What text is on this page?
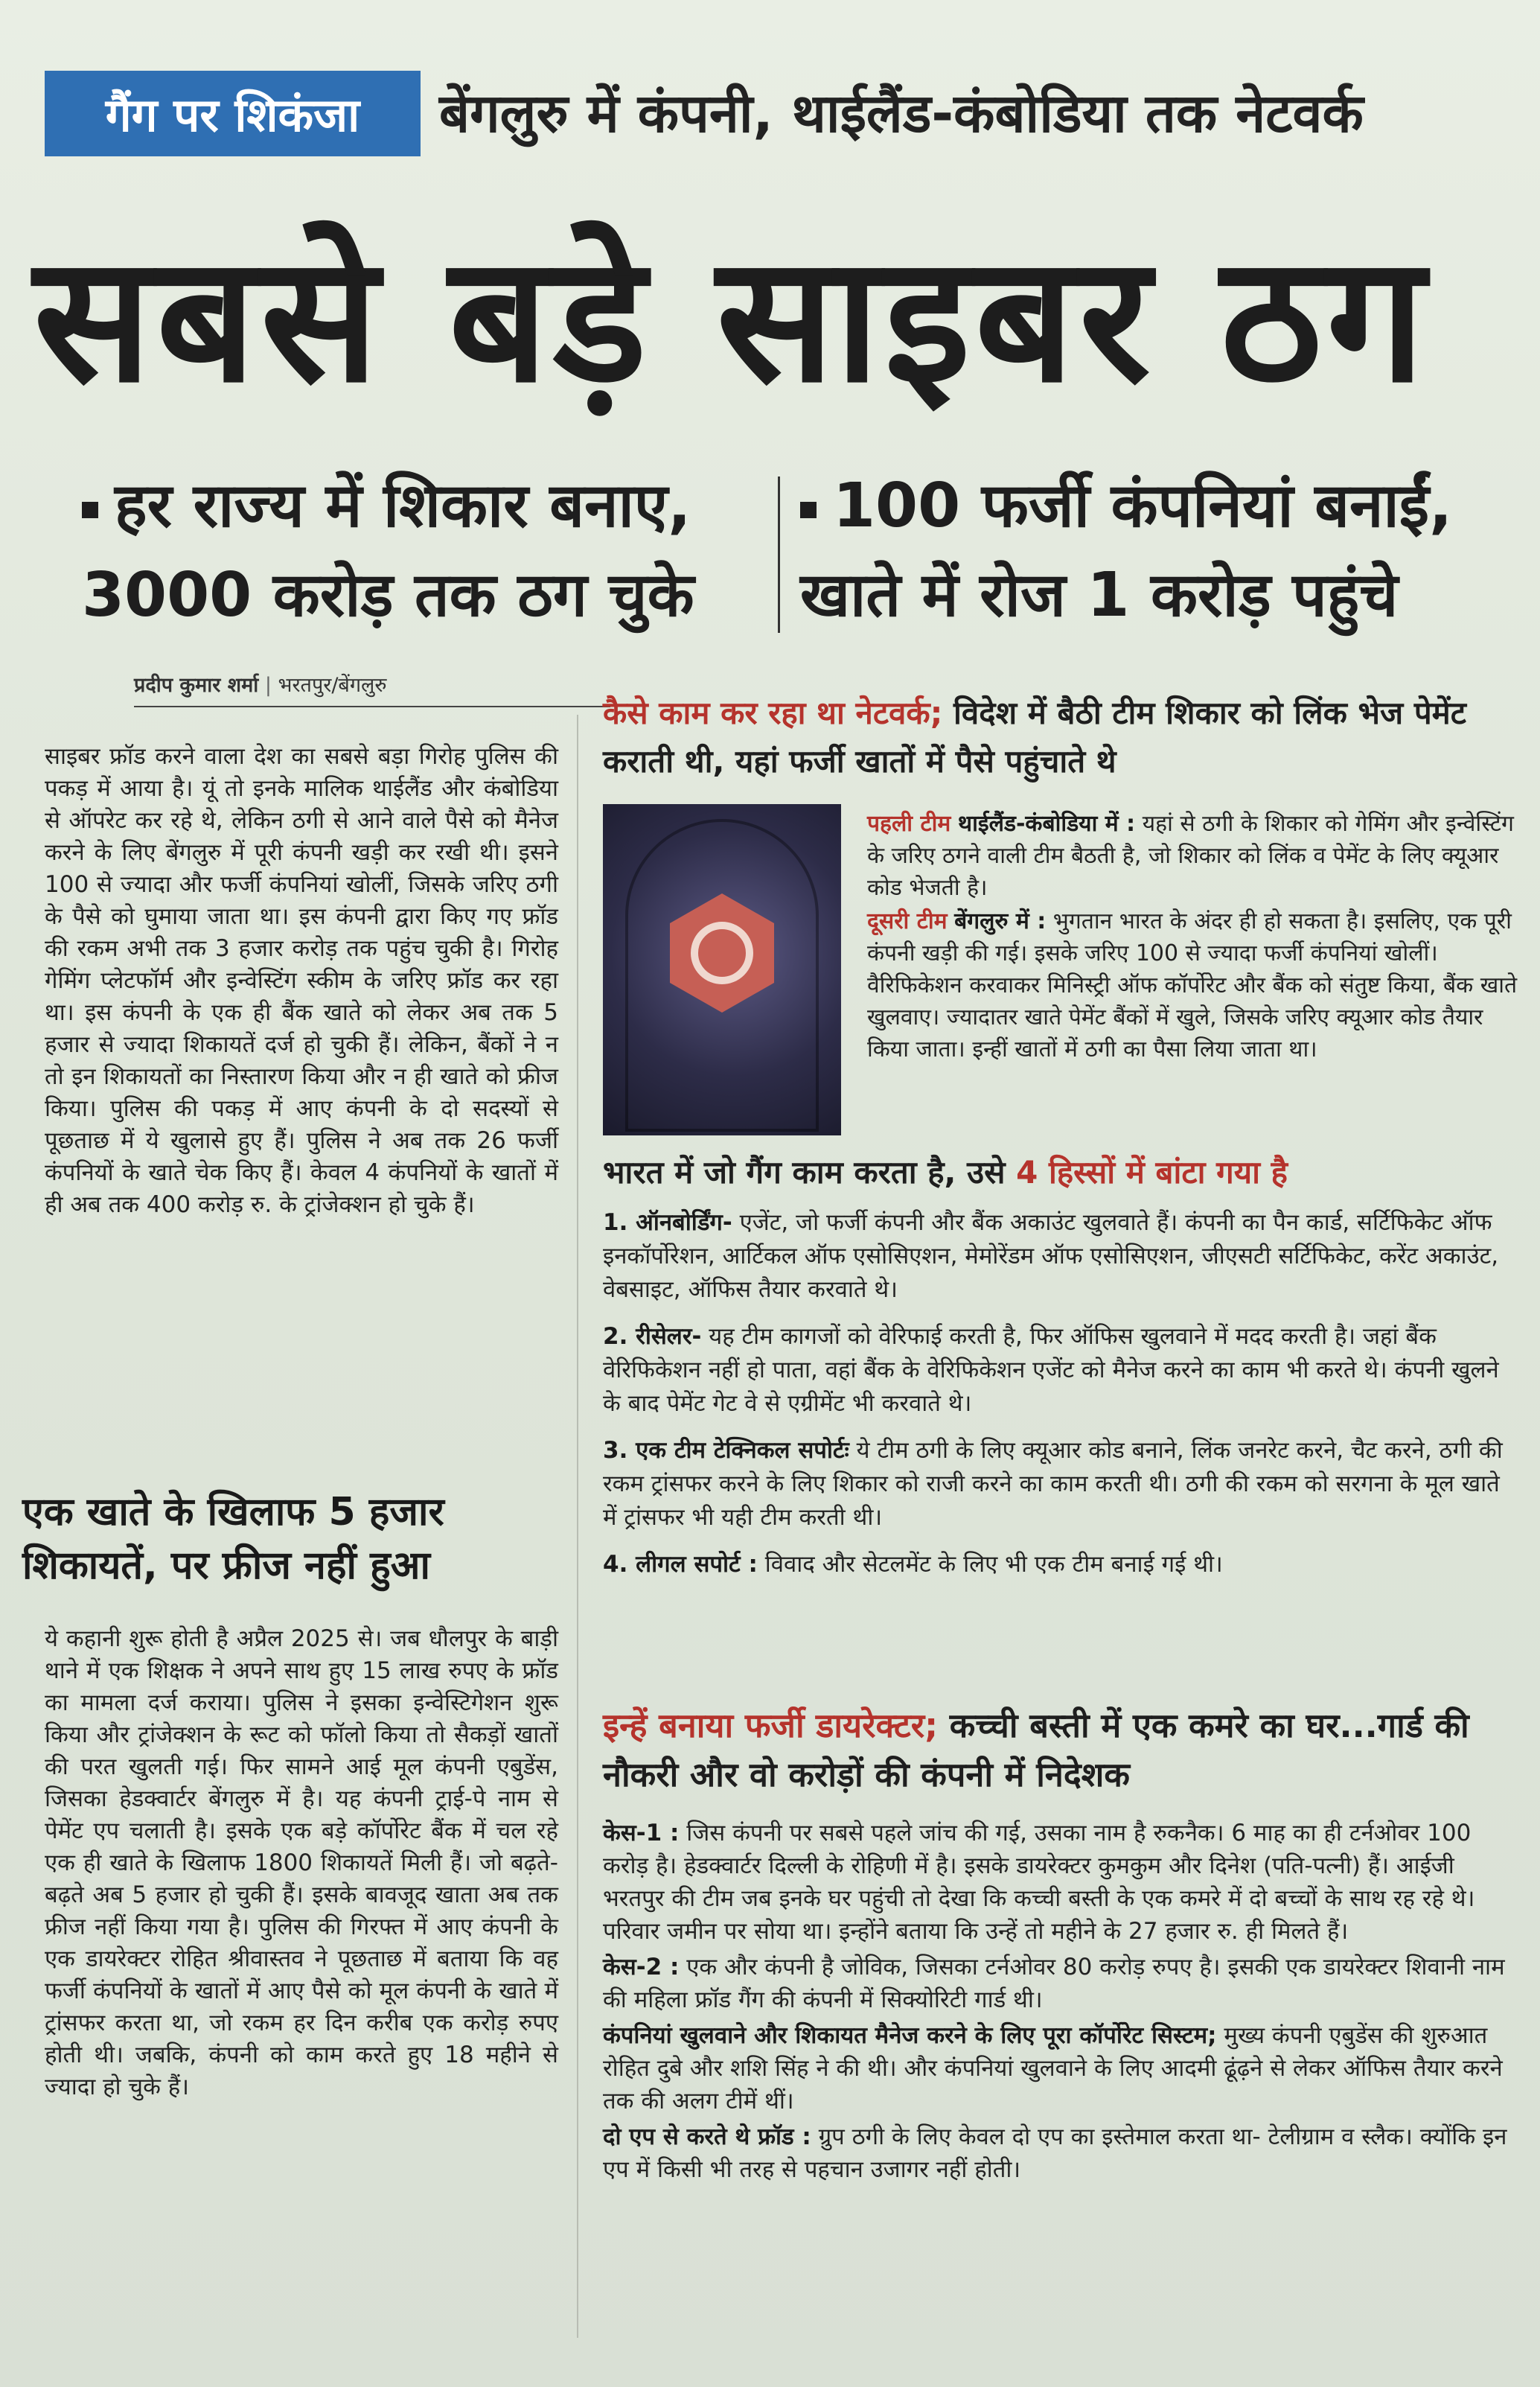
गैंग पर शिकंजा	बेंगलुरु में कंपनी, थाईलैंड-कंबोडिया तक नेटवर्क
सबसे बड़े साइबर ठग
हर राज्य में शिकार बनाए,
3000 करोड़ तक ठग चुके
100 फर्जी कंपनियां बनाईं,
खाते में रोज 1 करोड़ पहुंचे
प्रदीप कुमार शर्मा | भरतपुर/बेंगलुरु

साइबर फ्रॉड करने वाला देश का सबसे बड़ा गिरोह पुलिस की पकड़ में आया है। यूं तो इनके मालिक थाईलैंड और कंबोडिया से ऑपरेट कर रहे थे, लेकिन ठगी से आने वाले पैसे को मैनेज करने के लिए बेंगलुरु में पूरी कंपनी खड़ी कर रखी थी। इसने 100 से ज्यादा और फर्जी कंपनियां खोलीं, जिसके जरिए ठगी के पैसे को घुमाया जाता था। इस कंपनी द्वारा किए गए फ्रॉड की रकम अभी तक 3 हजार करोड़ तक पहुंच चुकी है। गिरोह गेमिंग प्लेटफॉर्म और इन्वेस्टिंग स्कीम के जरिए फ्रॉड कर रहा था। इस कंपनी के एक ही बैंक खाते को लेकर अब तक 5 हजार से ज्यादा शिकायतें दर्ज हो चुकी हैं। लेकिन, बैंकों ने न तो इन शिकायतों का निस्तारण किया और न ही खाते को फ्रीज किया। पुलिस की पकड़ में आए कंपनी के दो सदस्यों से पूछताछ में ये खुलासे हुए हैं। पुलिस ने अब तक 26 फर्जी कंपनियों के खाते चेक किए हैं। केवल 4 कंपनियों के खातों में ही अब तक 400 करोड़ रु. के ट्रांजेक्शन हो चुके हैं।

एक खाते के खिलाफ 5 हजार शिकायतें, पर फ्रीज नहीं हुआ

ये कहानी शुरू होती है अप्रैल 2025 से। जब धौलपुर के बाड़ी थाने में एक शिक्षक ने अपने साथ हुए 15 लाख रुपए के फ्रॉड का मामला दर्ज कराया। पुलिस ने इसका इन्वेस्टिगेशन शुरू किया और ट्रांजेक्शन के रूट को फॉलो किया तो सैकड़ों खातों की परत खुलती गई। फिर सामने आई मूल कंपनी एबुडेंस, जिसका हेडक्वार्टर बेंगलुरु में है। यह कंपनी ट्राई-पे नाम से पेमेंट एप चलाती है। इसके एक बड़े कॉर्पोरेट बैंक में चल रहे एक ही खाते के खिलाफ 1800 शिकायतें मिली हैं। जो बढ़ते-बढ़ते अब 5 हजार हो चुकी हैं। इसके बावजूद खाता अब तक फ्रीज नहीं किया गया है। पुलिस की गिरफ्त में आए कंपनी के एक डायरेक्टर रोहित श्रीवास्तव ने पूछताछ में बताया कि वह फर्जी कंपनियों के खातों में आए पैसे को मूल कंपनी के खाते में ट्रांसफर करता था, जो रकम हर दिन करीब एक करोड़ रुपए होती थी। जबकि, कंपनी को काम करते हुए 18 महीने से ज्यादा हो चुके हैं।

कैसे काम कर रहा था नेटवर्क; विदेश में बैठी टीम शिकार को लिंक भेज पेमेंट कराती थी, यहां फर्जी खातों में पैसे पहुंचाते थे

पहली टीम थाईलैंड-कंबोडिया में : यहां से ठगी के शिकार को गेमिंग और इन्वेस्टिंग के जरिए ठगने वाली टीम बैठती है, जो शिकार को लिंक व पेमेंट के लिए क्यूआर कोड भेजती है।

दूसरी टीम बेंगलुरु में : भुगतान भारत के अंदर ही हो सकता है। इसलिए, एक पूरी कंपनी खड़ी की गई। इसके जरिए 100 से ज्यादा फर्जी कंपनियां खोलीं। वैरिफिकेशन करवाकर मिनिस्ट्री ऑफ कॉर्पोरेट और बैंक को संतुष्ट किया, बैंक खाते खुलवाए। ज्यादातर खाते पेमेंट बैंकों में खुले, जिसके जरिए क्यूआर कोड तैयार किया जाता। इन्हीं खातों में ठगी का पैसा लिया जाता था।

भारत में जो गैंग काम करता है, उसे 4 हिस्सों में बांटा गया है

1. ऑनबोर्डिंग- एजेंट, जो फर्जी कंपनी और बैंक अकाउंट खुलवाते हैं। कंपनी का पैन कार्ड, सर्टिफिकेट ऑफ इनकॉर्पोरेशन, आर्टिकल ऑफ एसोसिएशन, मेमोरेंडम ऑफ एसोसिएशन, जीएसटी सर्टिफिकेट, करेंट अकाउंट, वेबसाइट, ऑफिस तैयार करवाते थे।

2. रीसेलर- यह टीम कागजों को वेरिफाई करती है, फिर ऑफिस खुलवाने में मदद करती है। जहां बैंक वेरिफिकेशन नहीं हो पाता, वहां बैंक के वेरिफिकेशन एजेंट को मैनेज करने का काम भी करते थे। कंपनी खुलने के बाद पेमेंट गेट वे से एग्रीमेंट भी करवाते थे।

3. एक टीम टेक्निकल सपोर्टः ये टीम ठगी के लिए क्यूआर कोड बनाने, लिंक जनरेट करने, चैट करने, ठगी की रकम ट्रांसफर करने के लिए शिकार को राजी करने का काम करती थी। ठगी की रकम को सरगना के मूल खाते में ट्रांसफर भी यही टीम करती थी।

4. लीगल सपोर्ट : विवाद और सेटलमेंट के लिए भी एक टीम बनाई गई थी।

इन्हें बनाया फर्जी डायरेक्टर; कच्ची बस्ती में एक कमरे का घर...गार्ड की नौकरी और वो करोड़ों की कंपनी में निदेशक

केस-1 : जिस कंपनी पर सबसे पहले जांच की गई, उसका नाम है रुकनैक। 6 माह का ही टर्नओवर 100 करोड़ है। हेडक्वार्टर दिल्ली के रोहिणी में है। इसके डायरेक्टर कुमकुम और दिनेश (पति-पत्नी) हैं। आईजी भरतपुर की टीम जब इनके घर पहुंची तो देखा कि कच्ची बस्ती के एक कमरे में दो बच्चों के साथ रह रहे थे। परिवार जमीन पर सोया था। इन्होंने बताया कि उन्हें तो महीने के 27 हजार रु. ही मिलते हैं।

केस-2 : एक और कंपनी है जोविक, जिसका टर्नओवर 80 करोड़ रुपए है। इसकी एक डायरेक्टर शिवानी नाम की महिला फ्रॉड गैंग की कंपनी में सिक्योरिटी गार्ड थी।

कंपनियां खुलवाने और शिकायत मैनेज करने के लिए पूरा कॉर्पोरेट सिस्टम; मुख्य कंपनी एबुडेंस की शुरुआत रोहित दुबे और शशि सिंह ने की थी। और कंपनियां खुलवाने के लिए आदमी ढूंढ़ने से लेकर ऑफिस तैयार करने तक की अलग टीमें थीं।

दो एप से करते थे फ्रॉड : ग्रुप ठगी के लिए केवल दो एप का इस्तेमाल करता था- टेलीग्राम व स्लैक। क्योंकि इन एप में किसी भी तरह से पहचान उजागर नहीं होती।
